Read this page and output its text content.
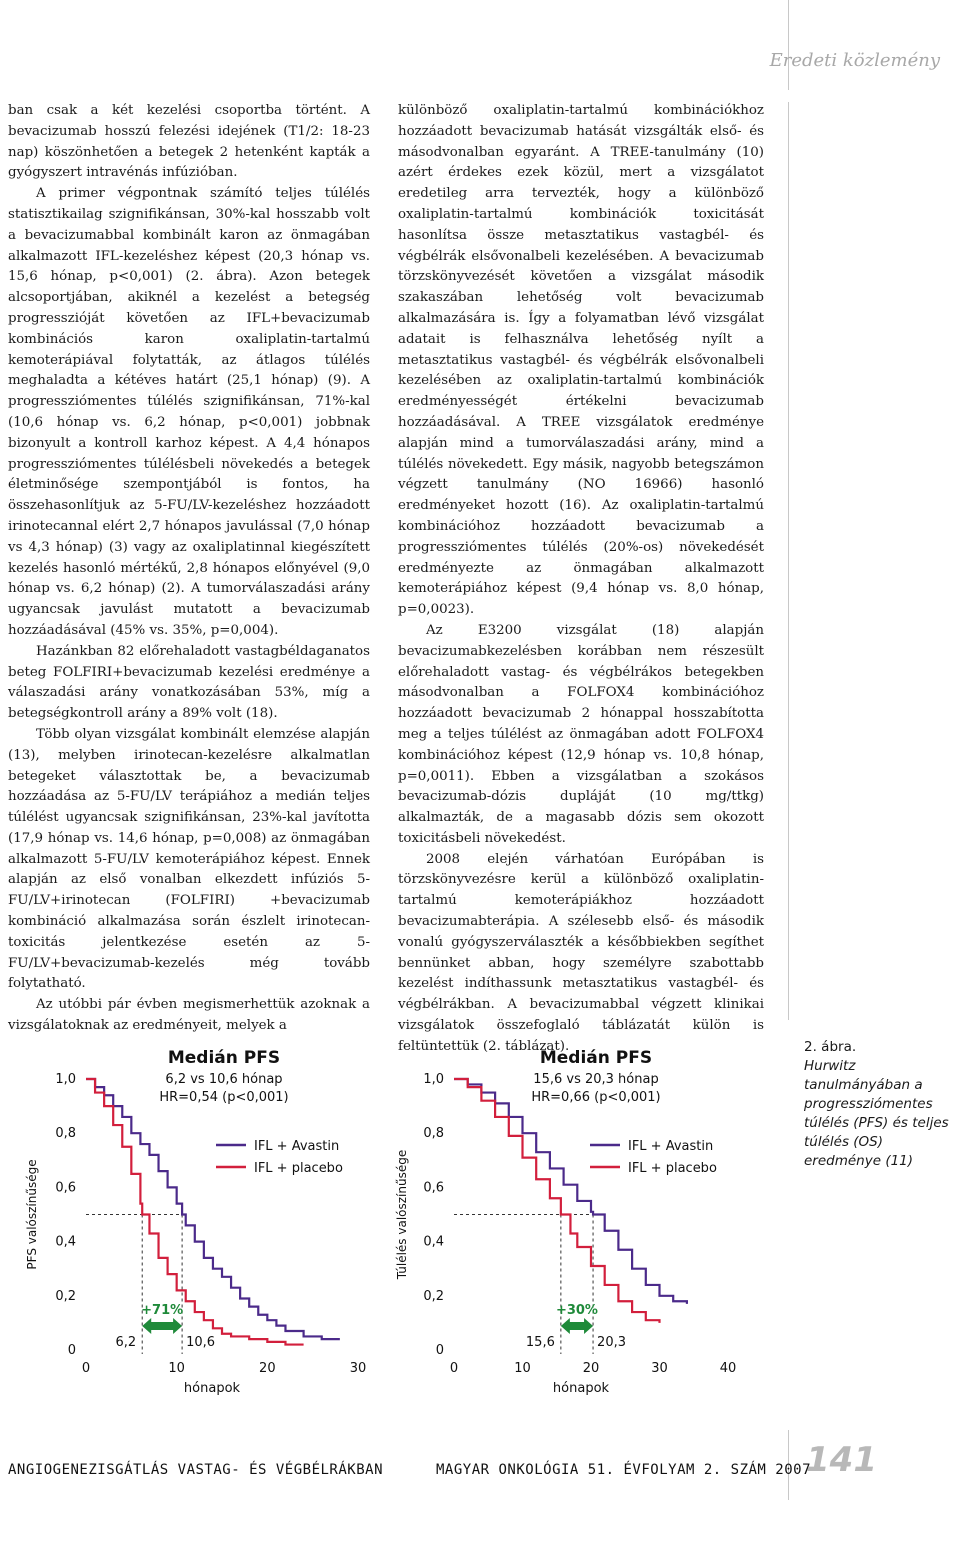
Eredeti közlemény

ban csak a két kezelési csoportba történt. A bevacizumab hosszú felezési idejének (T1/2: 18-23 nap) köszönhetően a betegek 2 hetenként kapták a gyógyszert intravénás infúzióban.

A primer végpontnak számító teljes túlélés statisztikailag szignifikánsan, 30%-kal hosszabb volt a bevacizumabbal kombinált karon az önmagában alkalmazott IFL-kezeléshez képest (20,3 hónap vs. 15,6 hónap, p<0,001) (2. ábra). Azon betegek alcsoportjában, akiknél a kezelést a betegség progresszióját követően az IFL+bevacizumab kombinációs karon oxaliplatin-tartalmú kemoterápiával folytatták, az átlagos túlélés meghaladta a kétéves határt (25,1 hónap) (9). A progressziómentes túlélés szignifikánsan, 71%-kal (10,6 hónap vs. 6,2 hónap, p<0,001) jobbnak bizonyult a kontroll karhoz képest. A 4,4 hónapos progressziómentes túlélésbeli növekedés a betegek életminősége szempontjából is fontos, ha összehasonlítjuk az 5-FU/LV-kezeléshez hozzáadott irinotecannal elért 2,7 hónapos javulással (7,0 hónap vs 4,3 hónap) (3) vagy az oxaliplatinnal kiegészített kezelés hasonló mértékű, 2,8 hónapos előnyével (9,0 hónap vs. 6,2 hónap) (2). A tumorválaszadási arány ugyancsak javulást mutatott a bevacizumab hozzáadásával (45% vs. 35%, p=0,004).

Hazánkban 82 előrehaladott vastagbéldaganatos beteg FOLFIRI+bevacizumab kezelési eredménye a válaszadási arány vonatkozásában 53%, míg a betegségkontroll arány a 89% volt (18).

Több olyan vizsgálat kombinált elemzése alapján (13), melyben irinotecan-kezelésre alkalmatlan betegeket választottak be, a bevacizumab hozzáadása az 5-FU/LV terápiához a medián teljes túlélést ugyancsak szignifikánsan, 23%-kal javította (17,9 hónap vs. 14,6 hónap, p=0,008) az önmagában alkalmazott 5-FU/LV kemoterápiához képest. Ennek alapján az első vonalban elkezdett infúziós 5-FU/LV+irinotecan (FOLFIRI) +bevacizumab kombináció alkalmazása során észlelt irinotecan-toxicitás jelentkezése esetén az 5-FU/LV+bevacizumab-kezelés még tovább folytatható.

Az utóbbi pár évben megismerhettük azoknak a vizsgálatoknak az eredményeit, melyek a

különböző oxaliplatin-tartalmú kombinációkhoz hozzáadott bevacizumab hatását vizsgálták első- és másodvonalban egyaránt. A TREE-tanulmány (10) azért érdekes ezek közül, mert a vizsgálatot eredetileg arra tervezték, hogy a különböző oxaliplatin-tartalmú kombinációk toxicitását hasonlítsa össze metasztatikus vastagbél- és végbélrák elsővonalbeli kezelésében. A bevacizumab törzskönyvezését követően a vizsgálat második szakaszában lehetőség volt bevacizumab alkalmazására is. Így a folyamatban lévő vizsgálat adatait is felhasználva lehetőség nyílt a metasztatikus vastagbél- és végbélrák elsővonalbeli kezelésében az oxaliplatin-tartalmú kombinációk eredményességét értékelni bevacizumab hozzáadásával. A TREE vizsgálatok eredménye alapján mind a tumorválaszadási arány, mind a túlélés növekedett. Egy másik, nagyobb betegszámon végzett tanulmány (NO 16966) hasonló eredményeket hozott (16). Az oxaliplatin-tartalmú kombinációhoz hozzáadott bevacizumab a progressziómentes túlélés (20%-os) növekedését eredményezte az önmagában alkalmazott kemoterápiához képest (9,4 hónap vs. 8,0 hónap, p=0,0023).

Az E3200 vizsgálat (18) alapján bevacizumabkezelésben korábban nem részesült előrehaladott vastag- és végbélrákos betegekben másodvonalban a FOLFOX4 kombinációhoz hozzáadott bevacizumab 2 hónappal hosszabította meg a teljes túlélést az önmagában adott FOLFOX4 kombinációhoz képest (12,9 hónap vs. 10,8 hónap, p=0,0011). Ebben a vizsgálatban a szokásos bevacizumab-dózis dupláját (10 mg/ttkg) alkalmazták, de a magasabb dózis sem okozott toxicitásbeli növekedést.

2008 elején várhatóan Európában is törzskönyvezésre kerül a különböző oxaliplatin-tartalmú kemoterápiákhoz hozzáadott bevacizumabterápia. A szélesebb első- és második vonalú gyógyszerválaszték a későbbiekben segíthet bennünket abban, hogy személyre szabottabb kezelést indíthassunk metasztatikus vastagbél- és végbélrákban. A bevacizumabbal végzett klinikai vizsgálatok összefoglaló táblázatát külön is feltüntettük (2. táblázat).

PFS valószínűsége
0
0,2
0,4
0,6
0,8
1,0
0	10	20	30
hónapok
Medián PFS
6,2 vs 10,6 hónap
HR=0,54 (p<0,001)
6,2	10,6
+71%
IFL + Avastin
IFL + placebo	Túlélés valószínűsége
0
0,2
0,4
0,6
0,8
1,0
0	10	20	30	40
hónapok
Medián PFS
15,6 vs 20,3 hónap
HR=0,66 (p<0,001)
15,6	20,3
+30%
IFL + Avastin
IFL + placebo
2. ábra.
Hurwitz tanulmányában a progressziómentes túlélés (PFS) és teljes túlélés (OS) eredménye (11)
ANGIOGENEZISGÁTLÁS VASTAG- ÉS VÉGBÉLRÁKBAN	MAGYAR ONKOLÓGIA 51. ÉVFOLYAM 2. SZÁM 2007
141
